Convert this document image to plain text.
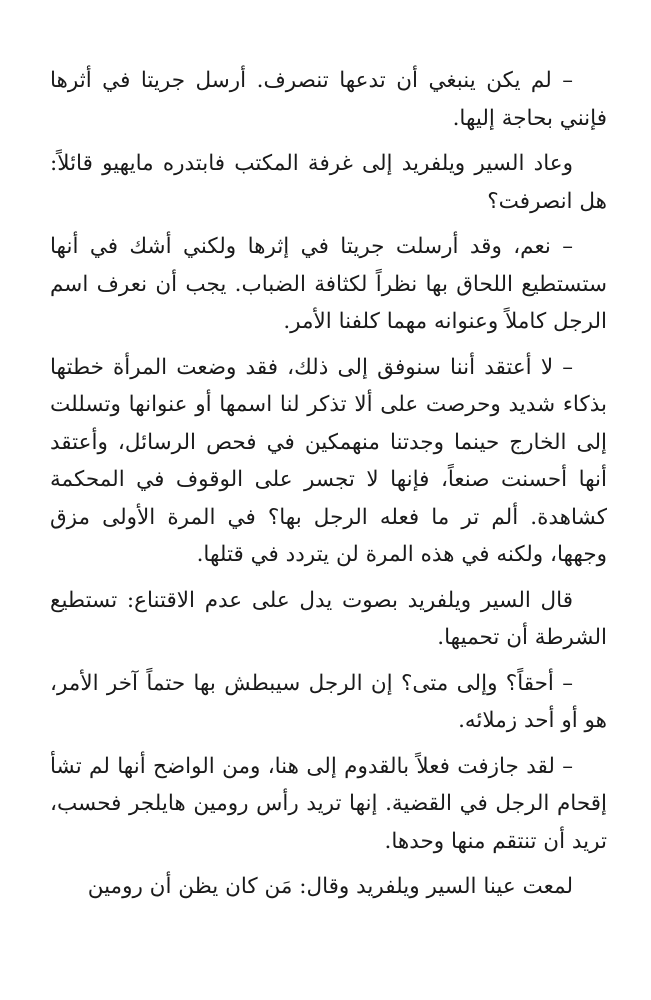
– لم يكن ينبغي أن تدعها تنصرف. أرسل جريتا في أثرها فإنني بحاجة إليها.

وعاد السير ويلفريد إلى غرفة المكتب فابتدره مايهيو قائلاً: هل انصرفت؟

– نعم، وقد أرسلت جريتا في إثرها ولكني أشك في أنها ستستطيع اللحاق بها نظراً لكثافة الضباب. يجب أن نعرف اسم الرجل كاملاً وعنوانه مهما كلفنا الأمر.

– لا أعتقد أننا سنوفق إلى ذلك، فقد وضعت المرأة خطتها بذكاء شديد وحرصت على ألا تذكر لنا اسمها أو عنوانها وتسللت إلى الخارج حينما وجدتنا منهمكين في فحص الرسائل، وأعتقد أنها أحسنت صنعاً، فإنها لا تجسر على الوقوف في المحكمة كشاهدة. ألم تر ما فعله الرجل بها؟ في المرة الأولى مزق وجهها، ولكنه في هذه المرة لن يتردد في قتلها.

قال السير ويلفريد بصوت يدل على عدم الاقتناع: تستطيع الشرطة أن تحميها.

– أحقاً؟ وإلى متى؟ إن الرجل سيبطش بها حتماً آخر الأمر، هو أو أحد زملائه.

– لقد جازفت فعلاً بالقدوم إلى هنا، ومن الواضح أنها لم تشأ إقحام الرجل في القضية. إنها تريد رأس رومين هايلجر فحسب، تريد أن تنتقم منها وحدها.

لمعت عينا السير ويلفريد وقال: مَن كان يظن أن رومين
